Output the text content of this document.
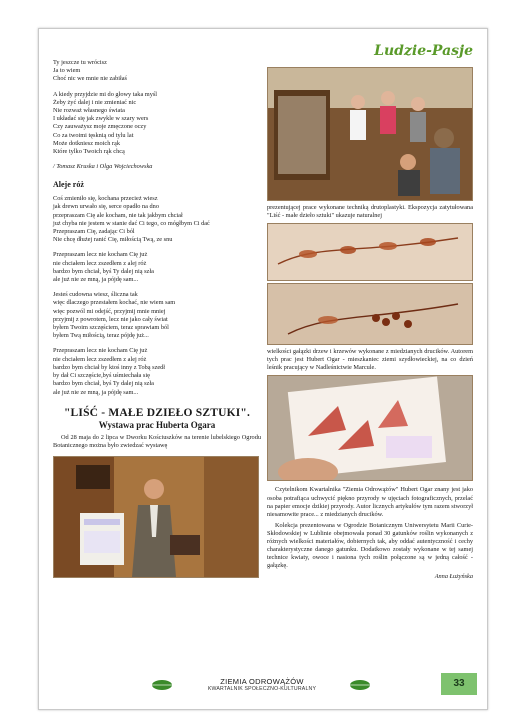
Ludzie-Pasje
Ty jeszcze tu wrócisz
Ja to wiem
Choć nic we mnie nie zabiłaś
A kiedy przyjdzie mi do głowy taka myśl
Żeby żyć dalej i nie zmieniać nic
Nie rozważ własnego świata
I układać się jak zwykle w szary wers
Czy zauważysz moje zmęczone oczy
Co za twoimi tęsknią od tylu lat
Może dotkniesz moich rąk
Które tylko Twoich rąk chcą
/ Tomasz Kruska i Olga Wojciechowska
Aleje róż
Coś zmieniło się, kochana przecież wiesz
jak drewn urwało się, serce opadło na dno
przepraszam Cię ale kocham, nie tak jakbym chciał
już chyba nie jestem w stanie dać Ci tego, co mógłbym Ci dać
Przepraszam Cię, zadając Ci ból
Nie chcę dłużej ranić Cię, miłością Twą, ze snu
Przepraszam lecz nie kocham Cię już
nie chciałem lecz zszedłem z alej róż
bardzo bym chciał, byś Ty dalej nią szła
ale już nie ze mną, ja pójdę sam...
Jesteś cudowna wiesz, śliczna tak
więc dlaczego przestałem kochać, nie wiem sam
więc pozwól mi odejść, przyjmij mnie mniej
przyjmij z powrotem, lecz nie jako cały świat
byłem Twoim szczęściem, teraz sprawiam ból
byłem Twą miłością, teraz pójdę już...
Przepraszam lecz nie kocham Cię już
nie chciałem lecz zszedłem z alej róż
bardzo bym chciał by ktoś inny z Tobą szedł
by dał Ci szczęście,byś uśmiechała się
bardzo bym chciał, byś Ty dalej nią szła
ale już nie ze mną, ja pójdę sam...
"LIŚĆ - MAŁE DZIEŁO SZTUKI".
Wystawa prac Huberta Ogara

Od 28 maja do 2 lipca w Dworku Kościuszków na terenie lubelskiego Ogrodu Botanicznego można było zwiedzać wystawę

prezentującej prace wykonane techniką drutoplastyki. Ekspozycja zatytułowana "Liść - małe dzieło sztuki" ukazuje naturalnej

wielkości gałązki drzew i krzewów wykonane z miedzianych drucików. Autorem tych prac jest Hubert Ogar - mieszkaniec ziemi szydłowieckiej, na co dzień leśnik pracujący w Nadleśnictwie Marcule.

Czytelnikom Kwartalnika "Ziemia Odrowążów" Hubert Ogar znany jest jako osoba potrafiąca uchwycić piękno przyrody w ujęciach fotograficznych, przelać na papier emocje dzikiej przyrody. Autor licznych artykułów tym razem stworzył niesamowite prace... z miedzianych drucików.

Kolekcja prezentowana w Ogrodzie Botanicznym Uniwersytetu Marii Curie-Skłodowskiej w Lublinie obejmowała ponad 30 gatunków roślin wykonanych z różnych wielkości materiałów, dobiernych tak, aby oddać autentyczność i cechy charakterystyczne danego gatunku. Dodatkowo zostały wykonane w tej samej technice kwiaty, owoce i nasiona tych roślin połączone są w jedną całość - gałązkę.

Anna Łużyńska
ZIEMIA ODROWĄŻÓW
KWARTALNIK SPOŁECZNO-KULTURALNY	33
